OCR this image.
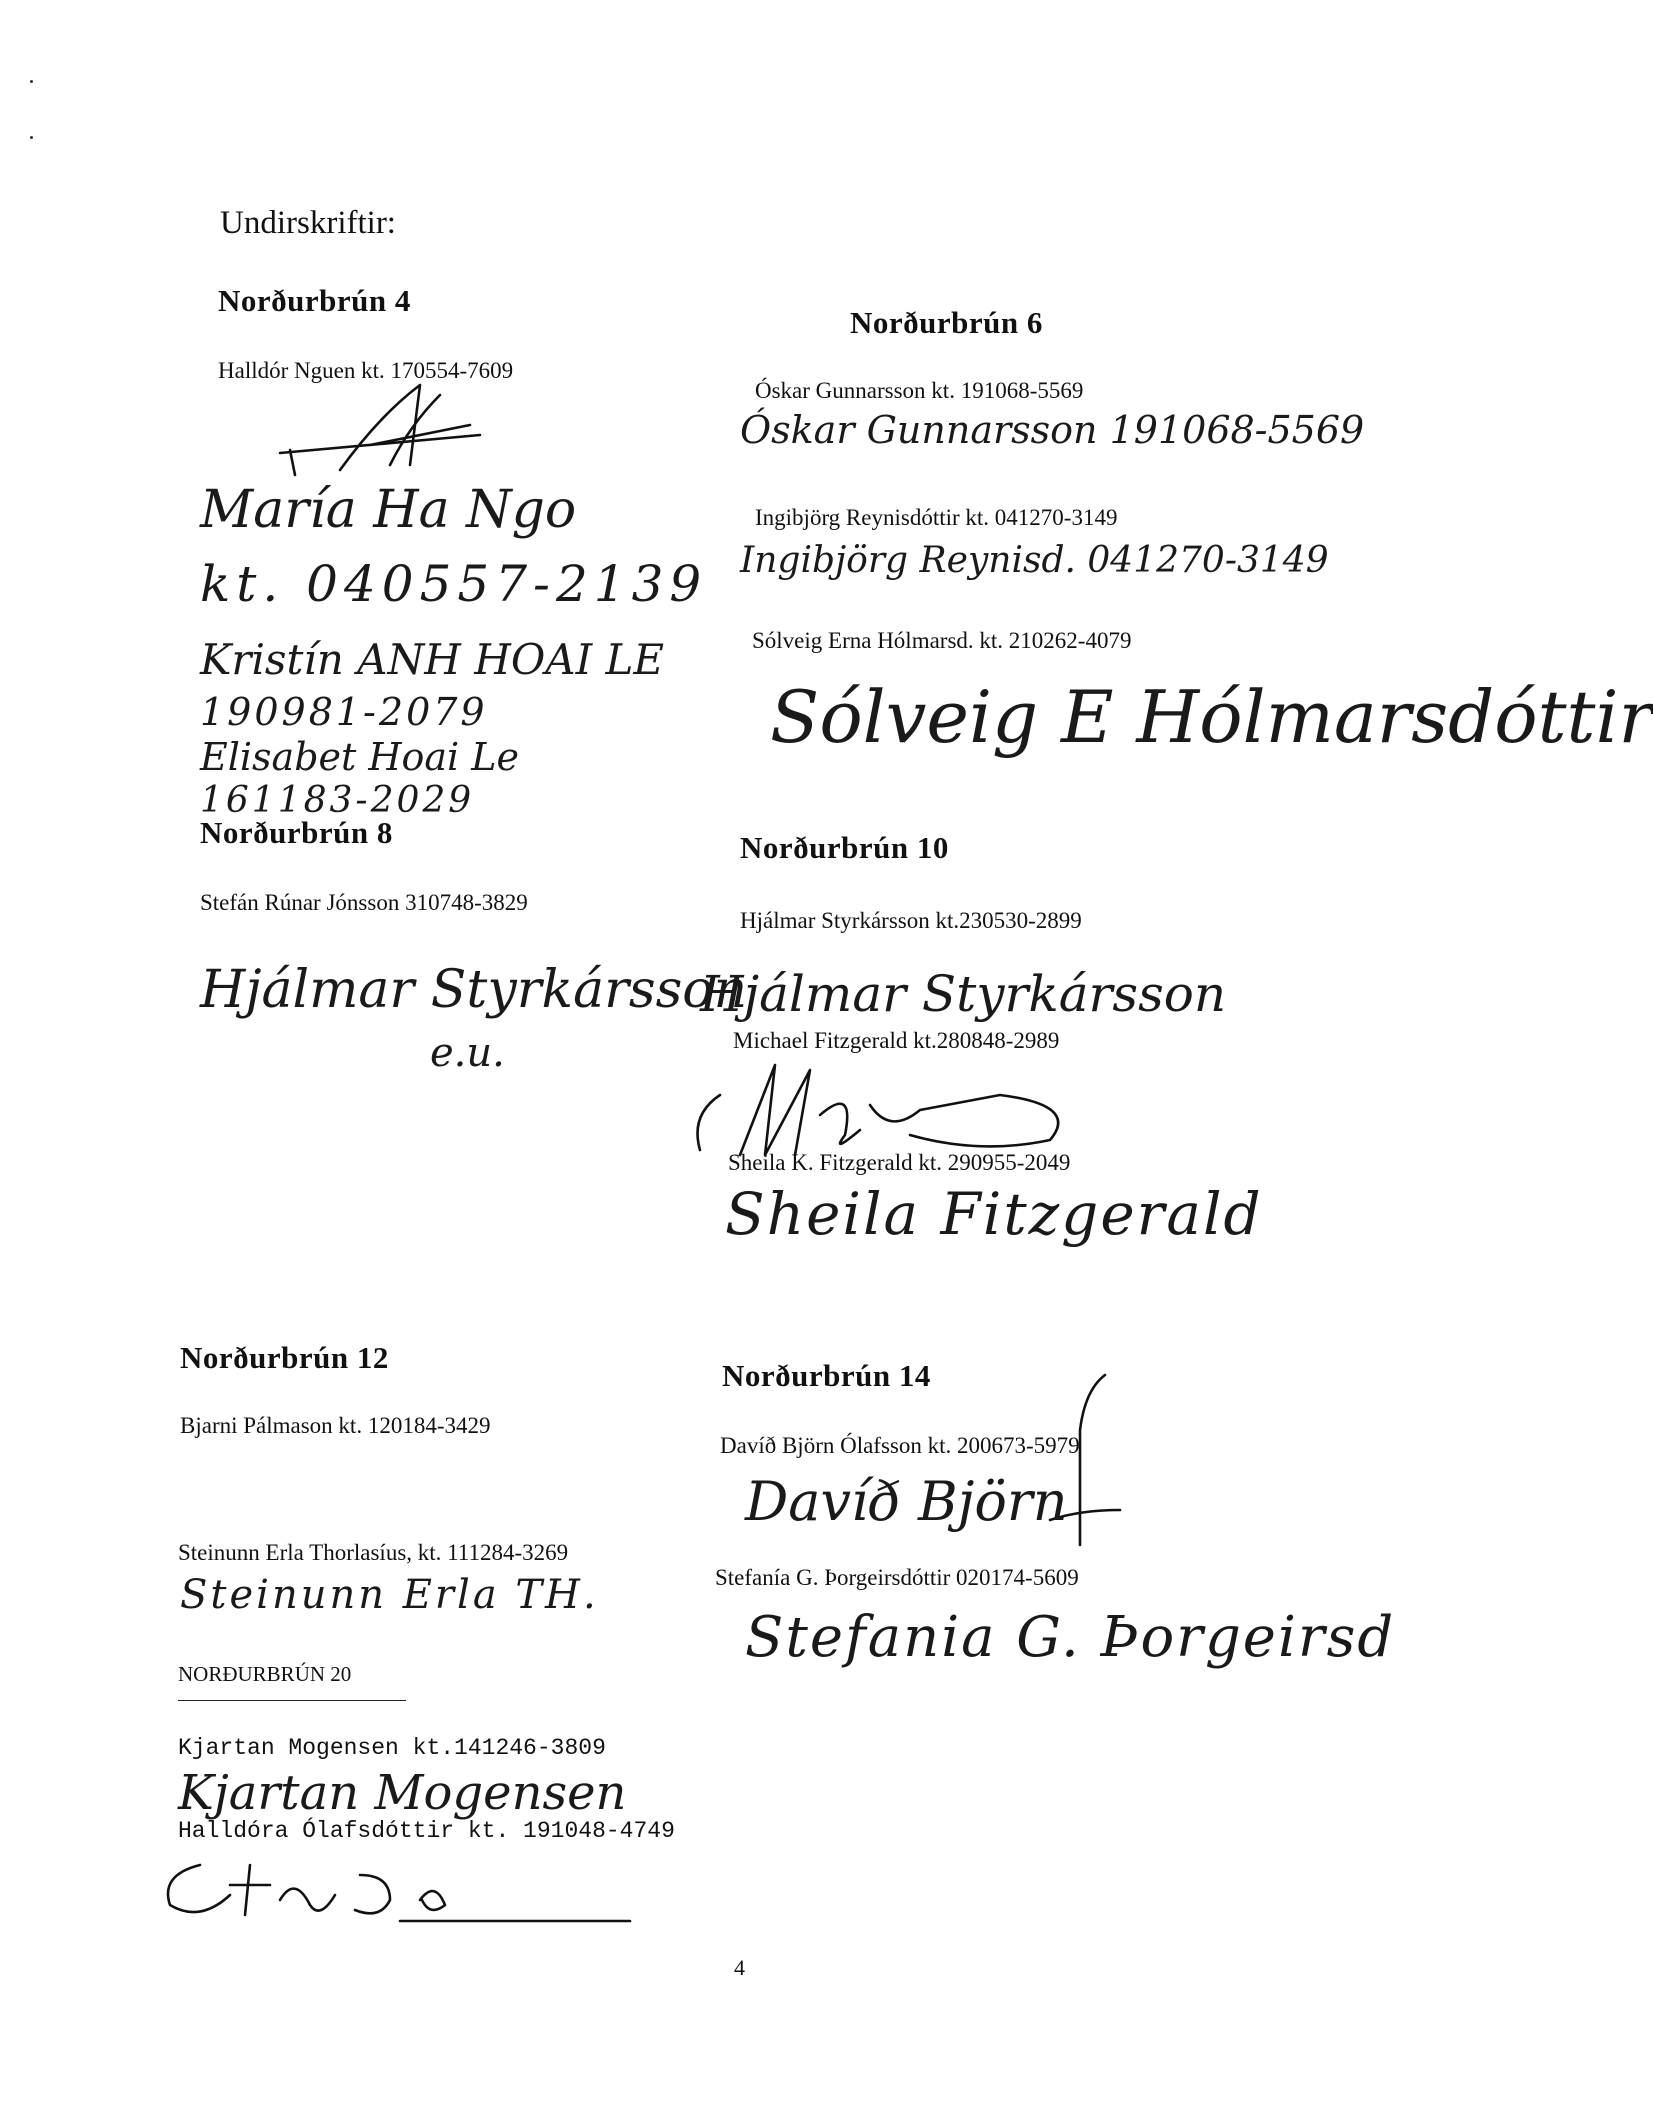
Undirskriftir:
Norðurbrún 4
Halldór Nguen kt. 170554-7609
María Ha Ngo
kt. 040557-2139
Kristín ANH HOAI LE
190981-2079
Elisabet Hoai Le
161183-2029
Norðurbrún 6
Óskar Gunnarsson kt. 191068-5569
Óskar Gunnarsson 191068-5569
Ingibjörg Reynisdóttir kt. 041270-3149
Ingibjörg Reynisd. 041270-3149
Sólveig Erna Hólmarsd. kt. 210262-4079
Sólveig E Hólmarsdóttir
Norðurbrún 8
Stefán Rúnar Jónsson 310748-3829
Hjálmar Styrkársson
e.u.
Norðurbrún 10
Hjálmar Styrkársson kt.230530-2899
Hjálmar Styrkársson
Michael Fitzgerald kt.280848-2989
Sheila K. Fitzgerald kt. 290955-2049
Sheila Fitzgerald
Norðurbrún 12
Bjarni Pálmason kt. 120184-3429
Steinunn Erla Thorlasíus, kt. 111284-3269
Steinunn Erla TH.
Norðurbrún 14
Davíð Björn Ólafsson kt. 200673-5979
Davíð Björn
Stefanía G. Þorgeirsdóttir 020174-5609
Stefania G. Þorgeirsd
NORÐURBRÚN 20
Kjartan Mogensen kt.141246-3809
Kjartan Mogensen
Halldóra Ólafsdóttir kt. 191048-4749
4
